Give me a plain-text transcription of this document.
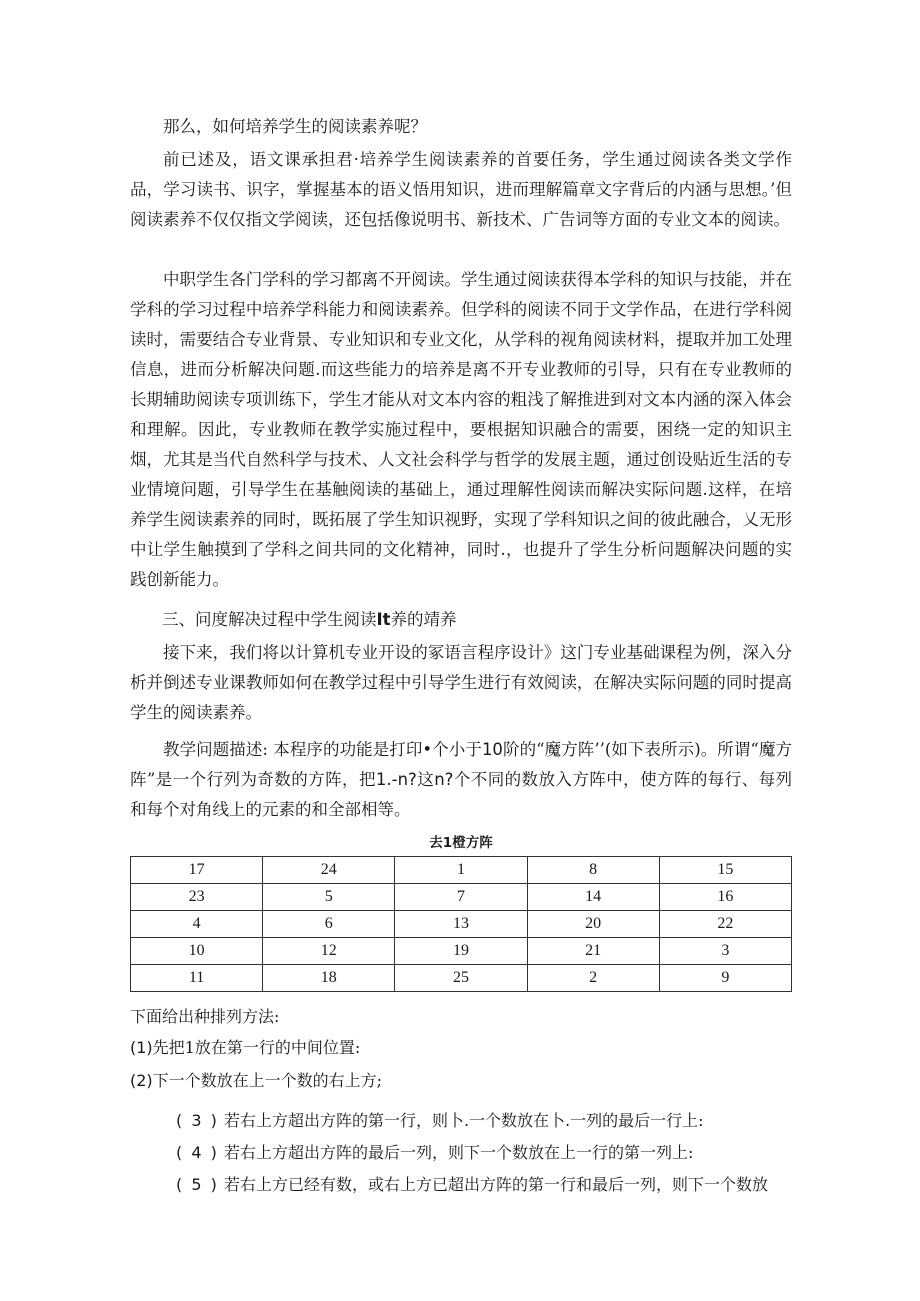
那么，如何培养学生的阅读素养呢？

前已述及，语文课承担君·培养学生阅读素养的首要任务，学生通过阅读各类文学作品，学习读书、识字，掌握基本的语义悟用知识，进而理解篇章文字背后的内涵与思想。’但阅读素养不仅仅指文学阅读，还包括像说明书、新技术、广告词等方面的专业文本的阅读。

中职学生各门学科的学习都离不开阅读。学生通过阅读获得本学科的知识与技能，并在学科的学习过程中培养学科能力和阅读素养。但学科的阅读不同于文学作品，在进行学科阅读时，需要结合专业背景、专业知识和专业文化，从学科的视角阅读材料，提取并加工处理信息，进而分析解决问题.而这些能力的培养是离不开专业教师的引导，只有在专业教师的长期辅助阅读专项训练下，学生才能从对文本内容的粗浅了解推进到对文本内涵的深入体会和理解。因此，专业教师在教学实施过程中，要根据知识融合的需要，困绕一定的知识主烟，尤其是当代自然科学与技术、人文社会科学与哲学的发展主题，通过创设贴近生活的专业情境问题，引导学生在基触阅读的基础上，通过理解性阅读而解决实际问题.这样，在培养学生阅读素养的同时，既拓展了学生知识视野，实现了学科知识之间的彼此融合，乂无形中让学生触摸到了学科之间共同的文化精神，同时.，也提升了学生分析问题解决问题的实践创新能力。

三、问度解决过程中学生阅读It养的靖养

接下来，我们将以计算机专业开设的冢语言程序设计》这门专业基础课程为例，深入分析并倒述专业课教师如何在教学过程中引导学生进行有效阅读，在解决实际问题的同时提高学生的阅读素养。

教学问题描述: 本程序的功能是打印•个小于10阶的“魔方阵’’(如下表所示)。所谓“魔方阵”是一个行列为奇数的方阵，把1.-n?这n?个不同的数放入方阵中，使方阵的每行、每列和每个对角线上的元素的和全部相等。

去1橙方阵
17	24	1	8	15
23	5	7	14	16
4	6	13	20	22
10	12	19	21	3
11	18	25	2	9

下面给出种排列方法:

(1)先把1放在第一行的中间位置:

(2)下一个数放在上一个数的右上方;

( 3 ) 若右上方超出方阵的第一行，则卜.一个数放在卜.一列的最后一行上:

( 4 ) 若右上方超出方阵的最后一列，则下一个数放在上一行的第一列上:

( 5 ) 若右上方已经有数，或右上方已超出方阵的第一行和最后一列，则下一个数放
